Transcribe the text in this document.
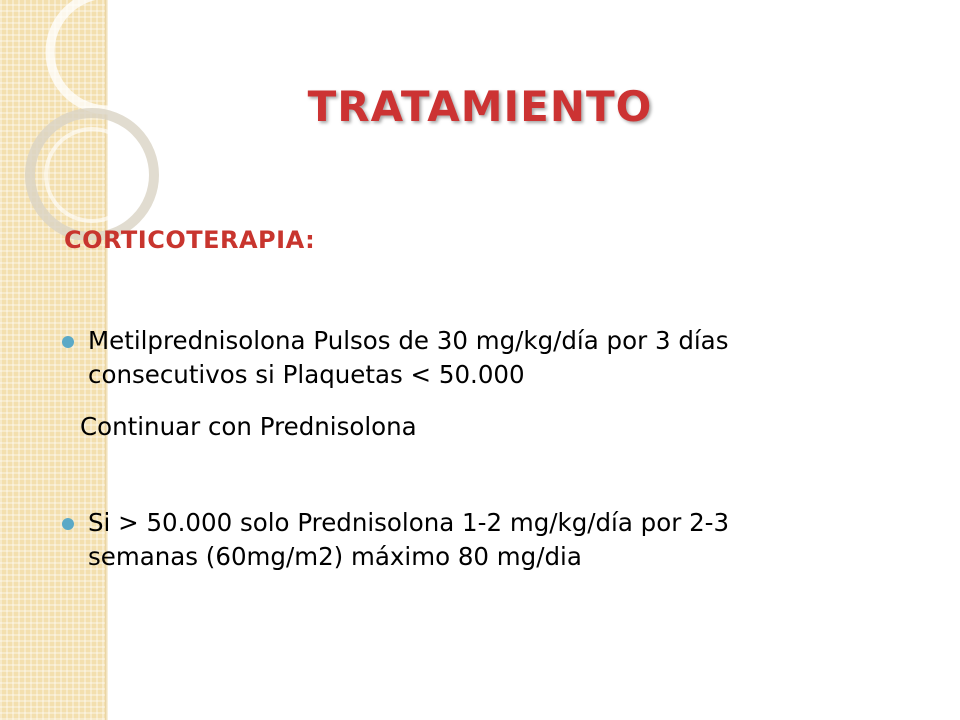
TRATAMIENTO
CORTICOTERAPIA:
Metilprednisolona Pulsos de 30 mg/kg/día por 3 días
consecutivos si Plaquetas < 50.000
Continuar con Prednisolona
Si > 50.000 solo Prednisolona 1-2 mg/kg/día por 2-3
semanas (60mg/m2) máximo 80 mg/dia
